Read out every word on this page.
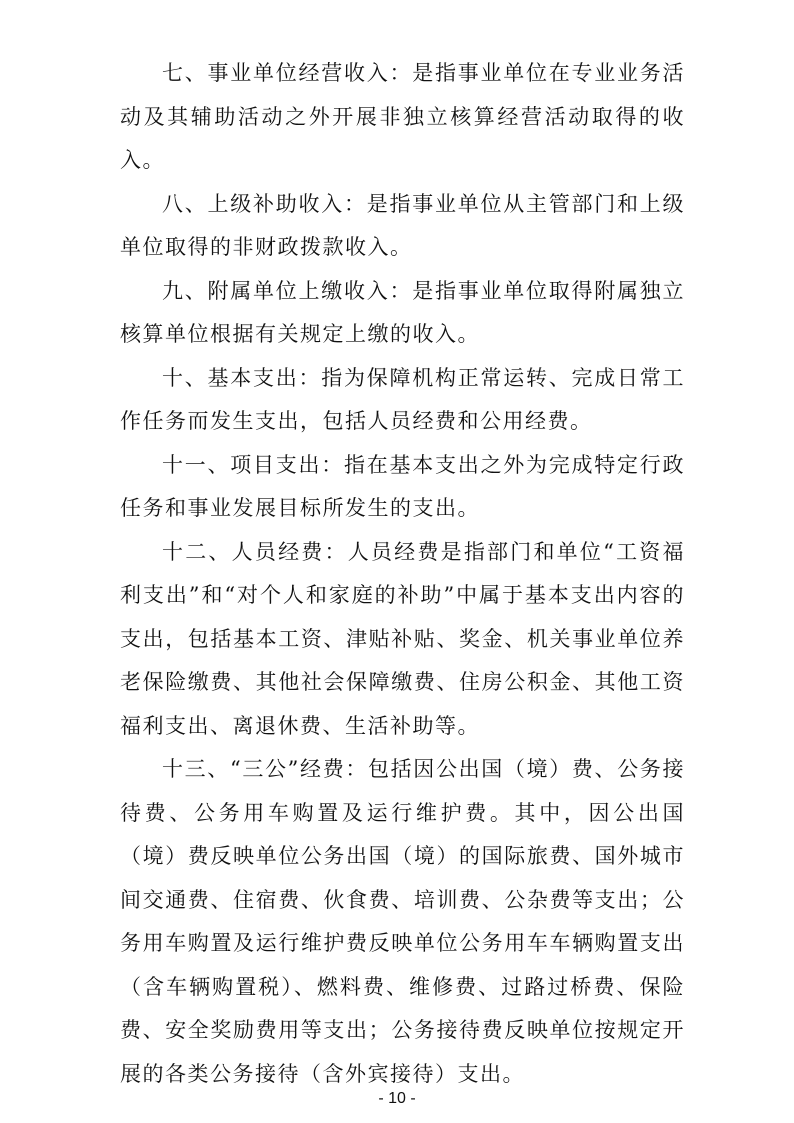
七、事业单位经营收入：是指事业单位在专业业务活动及其辅助活动之外开展非独立核算经营活动取得的收入。

八、上级补助收入：是指事业单位从主管部门和上级单位取得的非财政拨款收入。

九、附属单位上缴收入：是指事业单位取得附属独立核算单位根据有关规定上缴的收入。

十、基本支出：指为保障机构正常运转、完成日常工作任务而发生支出，包括人员经费和公用经费。

十一、项目支出：指在基本支出之外为完成特定行政任务和事业发展目标所发生的支出。

十二、人员经费：人员经费是指部门和单位“工资福利支出”和“对个人和家庭的补助”中属于基本支出内容的支出，包括基本工资、津贴补贴、奖金、机关事业单位养老保险缴费、其他社会保障缴费、住房公积金、其他工资福利支出、离退休费、生活补助等。

十三、“三公”经费：包括因公出国（境）费、公务接待费、公务用车购置及运行维护费。其中，因公出国（境）费反映单位公务出国（境）的国际旅费、国外城市间交通费、住宿费、伙食费、培训费、公杂费等支出；公务用车购置及运行维护费反映单位公务用车车辆购置支出（含车辆购置税）、燃料费、维修费、过路过桥费、保险费、安全奖励费用等支出；公务接待费反映单位按规定开展的各类公务接待（含外宾接待）支出。

- 10 -
